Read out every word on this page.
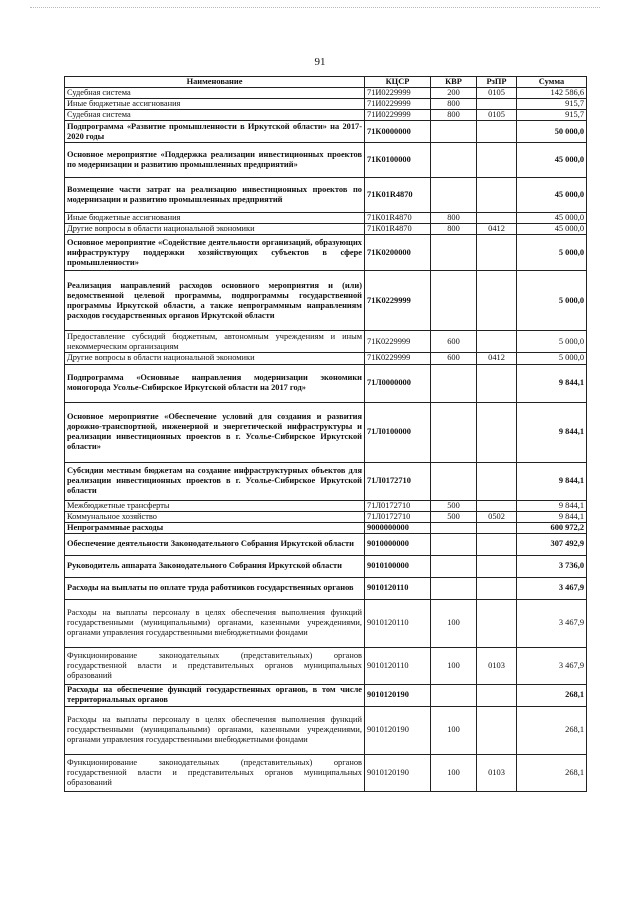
91
Наименование	КЦСР	КВР	РзПР	Сумма
Судебная система	71И0229999	200	0105	142 586,6
Иные бюджетные ассигнования	71И0229999	800		915,7
Судебная система	71И0229999	800	0105	915,7
Подпрограмма «Развитие промышленности в Иркутской области» на 2017-2020 годы	71К0000000			50 000,0
Основное мероприятие «Поддержка реализации инвестиционных проектов по модернизации и развитию промышленных предприятий»	71К0100000			45 000,0
Возмещение части затрат на реализацию инвестиционных проектов по модернизации и развитию промышленных предприятий	71К01R4870			45 000,0
Иные бюджетные ассигнования	71К01R4870	800		45 000,0
Другие вопросы в области национальной экономики	71К01R4870	800	0412	45 000,0
Основное мероприятие «Содействие деятельности организаций, образующих инфраструктуру поддержки хозяйствующих субъектов в сфере промышленности»	71К0200000			5 000,0
Реализация направлений расходов основного мероприятия и (или) ведомственной целевой программы, подпрограммы государственной программы Иркутской области, а также непрограммным направлениям расходов государственных органов Иркутской области	71К0229999			5 000,0
Предоставление субсидий бюджетным, автономным учреждениям и иным некоммерческим организациям	71К0229999	600		5 000,0
Другие вопросы в области национальной экономики	71К0229999	600	0412	5 000,0
Подпрограмма «Основные направления модернизации экономики моногорода Усолье-Сибирское Иркутской области на 2017 год»	71Л0000000			9 844,1
Основное мероприятие «Обеспечение условий для создания и развития дорожно-транспортной, инженерной и энергетической инфраструктуры и реализации инвестиционных проектов в г. Усолье-Сибирское Иркутской области»	71Л0100000			9 844,1
Субсидии местным бюджетам на создание инфраструктурных объектов для реализации инвестиционных проектов в г. Усолье-Сибирское Иркутской области	71Л0172710			9 844,1
Межбюджетные трансферты	71Л0172710	500		9 844,1
Коммунальное хозяйство	71Л0172710	500	0502	9 844,1
Непрограммные расходы	9000000000			600 972,2
Обеспечение деятельности Законодательного Собрания Иркутской области	9010000000			307 492,9
Руководитель аппарата Законодательного Собрания Иркутской области	9010100000			3 736,0
Расходы на выплаты по оплате труда работников государственных органов	9010120110			3 467,9
Расходы на выплаты персоналу в целях обеспечения выполнения функций государственными (муниципальными) органами, казенными учреждениями, органами управления государственными внебюджетными фондами	9010120110	100		3 467,9
Функционирование законодательных (представительных) органов государственной власти и представительных органов муниципальных образований	9010120110	100	0103	3 467,9
Расходы на обеспечение функций государственных органов, в том числе территориальных органов	9010120190			268,1
Расходы на выплаты персоналу в целях обеспечения выполнения функций государственными (муниципальными) органами, казенными учреждениями, органами управления государственными внебюджетными фондами	9010120190	100		268,1
Функционирование законодательных (представительных) органов государственной власти и представительных органов муниципальных образований	9010120190	100	0103	268,1
